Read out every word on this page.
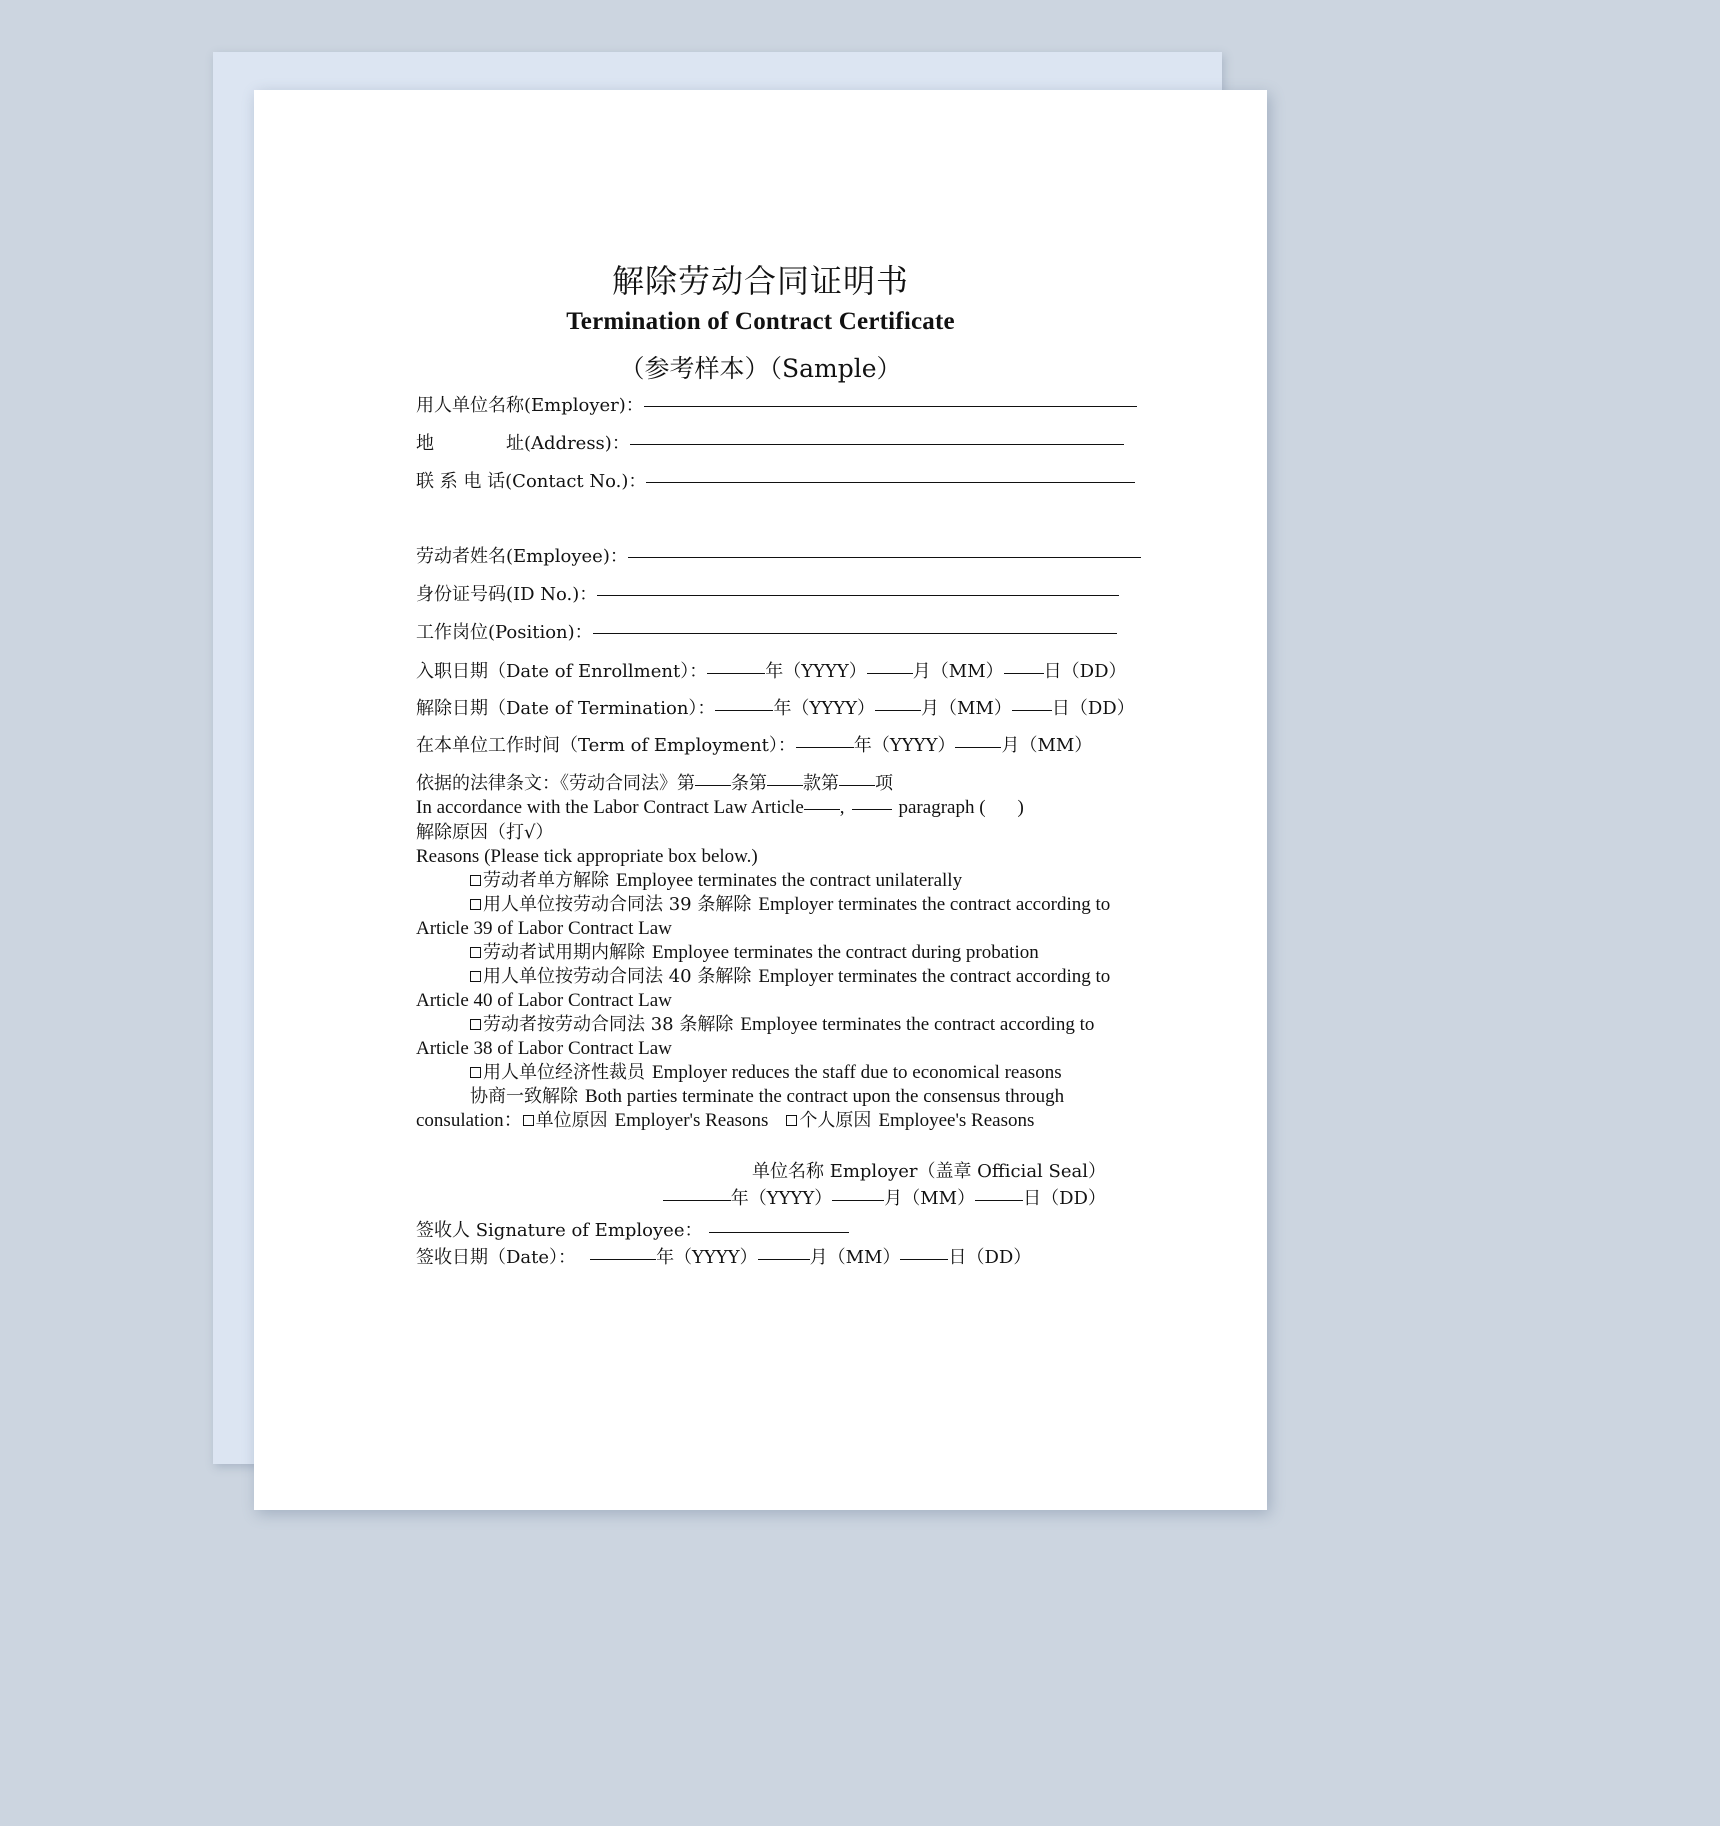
解除劳动合同证明书
Termination of Contract Certificate
（参考样本）（Sample）
用人单位名称(Employer)：
地　　　　址(Address)：
联 系 电 话(Contact No.)：
劳动者姓名(Employee)：
身份证号码(ID No.)：
工作岗位(Position)：
入职日期（Date of Enrollment）：	年（YYYY）	月（MM） 日（DD）
解除日期（Date of Termination）：	年（YYYY）	月（MM） 日（DD）
在本单位工作时间（Term of Employment）：	年（YYYY）	月（MM）
依据的法律条文：《劳动合同法》第 条第 款第 项
In accordance with the Labor Contract Law Article ,	paragraph ( )
解除原因（打√）
Reasons (Please tick appropriate box below.)
劳动者单方解除 Employee terminates the contract unilaterally
用人单位按劳动合同法 39 条解除 Employer terminates the contract according to Article 39 of Labor Contract Law
劳动者试用期内解除 Employee terminates the contract during probation
用人单位按劳动合同法 40 条解除 Employer terminates the contract according to Article 40 of Labor Contract Law
劳动者按劳动合同法 38 条解除 Employee terminates the contract according to Article 38 of Labor Contract Law
用人单位经济性裁员 Employer reduces the staff due to economical reasons
协商一致解除 Both parties terminate the contract upon the consensus through consulation： 单位原因 Employer's Reasons 个人原因 Employee's Reasons
单位名称 Employer（盖章 Official Seal）
年（YYYY）	月（MM）	日（DD）
签收人 Signature of Employee：
签收日期（Date）：	年（YYYY）	月（MM）	日（DD）
